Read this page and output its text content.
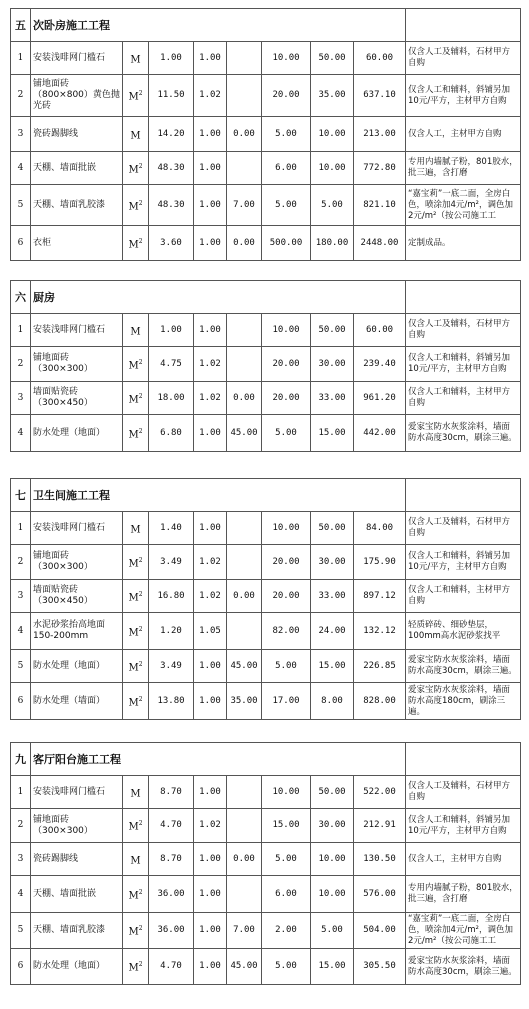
五	次卧房施工工程								
1	安装浅啡网门槛石	M	1.00	1.00		10.00	50.00	60.00	仅含人工及辅料，石材甲方自购
2	铺地面砖（800×800）黄色抛光砖	$M^2$	11.50	1.02		20.00	35.00	637.10	仅含人工和辅料，斜铺另加10元/平方，主材甲方自购
3	瓷砖踢脚线	M	14.20	1.00	0.00	5.00	10.00	213.00	仅含人工，主材甲方自购
4	天棚、墙面批嵌	$M^2$	48.30	1.00		6.00	10.00	772.80	专用内墙腻子粉，801胶水，批三遍，含打磨
5	天棚、墙面乳胶漆	$M^2$	48.30	1.00	7.00	5.00	5.00	821.10	“嘉宝莉”一底二面，全房白色，喷涂加4元/m²，调色加2元/m²（按公司施工工
6	衣柜	$M^2$	3.60	1.00	0.00	500.00	180.00	2448.00	定制成品。
六	厨房								
1	安装浅啡网门槛石	M	1.00	1.00		10.00	50.00	60.00	仅含人工及辅料，石材甲方自购
2	铺地面砖（300×300）	$M^2$	4.75	1.02		20.00	30.00	239.40	仅含人工和辅料，斜铺另加10元/平方，主材甲方自购
3	墙面贴瓷砖（300×450）	$M^2$	18.00	1.02	0.00	20.00	33.00	961.20	仅含人工和辅料，主材甲方自购
4	防水处理（地面）	$M^2$	6.80	1.00	45.00	5.00	15.00	442.00	爱家宝防水灰浆涂料，墙面防水高度30cm，刷涂三遍。
七	卫生间施工工程								
1	安装浅啡网门槛石	M	1.40	1.00		10.00	50.00	84.00	仅含人工及辅料，石材甲方自购
2	铺地面砖（300×300）	$M^2$	3.49	1.02		20.00	30.00	175.90	仅含人工和辅料，斜铺另加10元/平方，主材甲方自购
3	墙面贴瓷砖（300×450）	$M^2$	16.80	1.02	0.00	20.00	33.00	897.12	仅含人工和辅料，主材甲方自购
4	水泥砂浆抬高地面150-200mm	$M^2$	1.20	1.05		82.00	24.00	132.12	轻质碎砖、细砂垫层，100mm高水泥砂浆找平
5	防水处理（地面）	$M^2$	3.49	1.00	45.00	5.00	15.00	226.85	爱家宝防水灰浆涂料，墙面防水高度30cm，刷涂三遍。
6	防水处理（墙面）	$M^2$	13.80	1.00	35.00	17.00	8.00	828.00	爱家宝防水灰浆涂料，墙面防水高度180cm，刷涂三遍。
九	客厅阳台施工工程								
1	安装浅啡网门槛石	M	8.70	1.00		10.00	50.00	522.00	仅含人工及辅料，石材甲方自购
2	铺地面砖（300×300）	$M^2$	4.70	1.02		15.00	30.00	212.91	仅含人工和辅料，斜铺另加10元/平方，主材甲方自购
3	瓷砖踢脚线	M	8.70	1.00	0.00	5.00	10.00	130.50	仅含人工，主材甲方自购
4	天棚、墙面批嵌	$M^2$	36.00	1.00		6.00	10.00	576.00	专用内墙腻子粉，801胶水，批三遍，含打磨
5	天棚、墙面乳胶漆	$M^2$	36.00	1.00	7.00	2.00	5.00	504.00	“嘉宝莉”一底二面，全房白色，喷涂加4元/m²，调色加2元/m²（按公司施工工
6	防水处理（地面）	$M^2$	4.70	1.00	45.00	5.00	15.00	305.50	爱家宝防水灰浆涂料，墙面防水高度30cm，刷涂三遍。
